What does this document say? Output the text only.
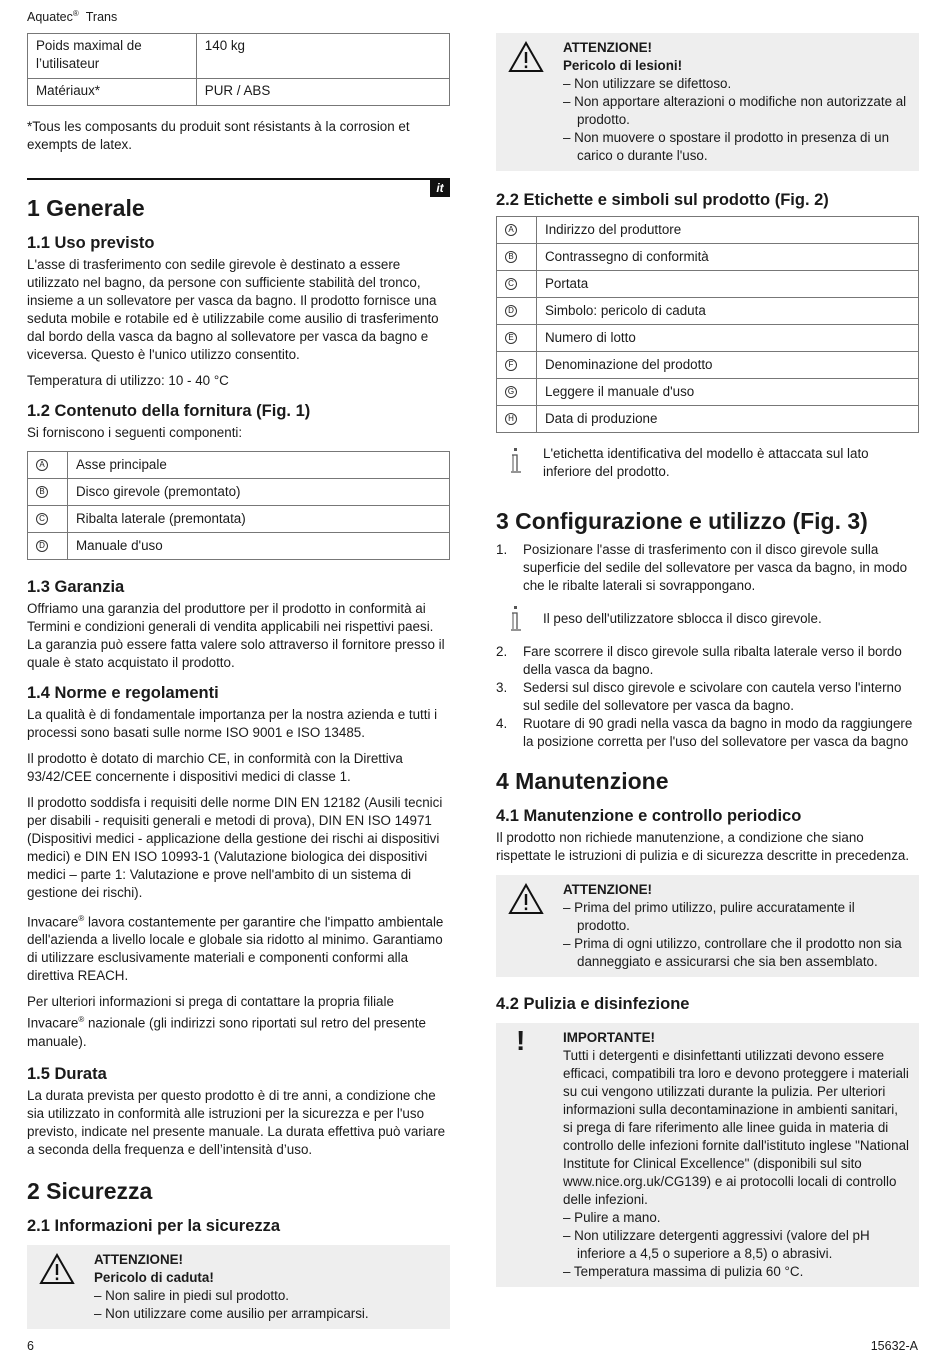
Aquatec® Trans
Poids maximal de l’utilisateur	140 kg
Matériaux*	PUR / ABS

*Tous les composants du produit sont résistants à la corrosion et exempts de latex.

it
1 Generale
1.1 Uso previsto

L'asse di trasferimento con sedile girevole è destinato a essere utilizzato nel bagno, da persone con sufficiente stabilità del tronco, insieme a un sollevatore per vasca da bagno. Il prodotto fornisce una seduta mobile e rotabile ed è utilizzabile come ausilio di trasferimento dal bordo della vasca da bagno al sollevatore per vasca da bagno e viceversa. Questo è l'unico utilizzo consentito.

Temperatura di utilizzo: 10 - 40 °C

1.2 Contenuto della fornitura (Fig. 1)

Si forniscono i seguenti componenti:

A	Asse principale
B	Disco girevole (premontato)
C	Ribalta laterale (premontata)
D	Manuale d'uso
1.3 Garanzia

Offriamo una garanzia del produttore per il prodotto in conformità ai Termini e condizioni generali di vendita applicabili nei rispettivi paesi. La garanzia può essere fatta valere solo attraverso il fornitore presso il quale è stato acquistato il prodotto.

1.4 Norme e regolamenti

La qualità è di fondamentale importanza per la nostra azienda e tutti i processi sono basati sulle norme ISO 9001 e ISO 13485.

Il prodotto è dotato di marchio CE, in conformità con la Direttiva 93/42/CEE concernente i dispositivi medici di classe 1.

Il prodotto soddisfa i requisiti delle norme DIN EN 12182 (Ausili tecnici per disabili - requisiti generali e metodi di prova), DIN EN ISO 14971 (Dispositivi medici - applicazione della gestione dei rischi ai dispositivi medici) e DIN EN ISO 10993-1 (Valutazione biologica dei dispositivi medici – parte 1: Valutazione e prove nell'ambito di un sistema di gestione dei rischi).

Invacare® lavora costantemente per garantire che l'impatto ambientale dell'azienda a livello locale e globale sia ridotto al minimo. Garantiamo di utilizzare esclusivamente materiali e componenti conformi alla direttiva REACH.

Per ulteriori informazioni si prega di contattare la propria filiale Invacare® nazionale (gli indirizzi sono riportati sul retro del presente manuale).

1.5 Durata

La durata prevista per questo prodotto è di tre anni, a condizione che sia utilizzato in conformità alle istruzioni per la sicurezza e per l'uso previsto, indicate nel presente manuale. La durata effettiva può variare a seconda della frequenza e dell’intensità d’uso.

2 Sicurezza
2.1 Informazioni per la sicurezza
ATTENZIONE!
Pericolo di caduta!
– Non salire in piedi sul prodotto.
– Non utilizzare come ausilio per arrampicarsi.
ATTENZIONE!
Pericolo di lesioni!
– Non utilizzare se difettoso.
– Non apportare alterazioni o modifiche non autorizzate al prodotto.
– Non muovere o spostare il prodotto in presenza di un carico o durante l'uso.
2.2 Etichette e simboli sul prodotto (Fig. 2)
A	Indirizzo del produttore
B	Contrassegno di conformità
C	Portata
D	Simbolo: pericolo di caduta
E	Numero di lotto
F	Denominazione del prodotto
G	Leggere il manuale d'uso
H	Data di produzione

L'etichetta identificativa del modello è attaccata sul lato inferiore del prodotto.

3 Configurazione e utilizzo (Fig. 3)
1. Posizionare l'asse di trasferimento con il disco girevole sulla superficie del sedile del sollevatore per vasca da bagno, in modo che le ribalte laterali si sovrappongano.

Il peso dell'utilizzatore sblocca il disco girevole.

2. Fare scorrere il disco girevole sulla ribalta laterale verso il bordo della vasca da bagno.
3. Sedersi sul disco girevole e scivolare con cautela verso l'interno sul sedile del sollevatore per vasca da bagno.
4. Ruotare di 90 gradi nella vasca da bagno in modo da raggiungere la posizione corretta per l'uso del sollevatore per vasca da bagno
4 Manutenzione
4.1 Manutenzione e controllo periodico

Il prodotto non richiede manutenzione, a condizione che siano rispettate le istruzioni di pulizia e di sicurezza descritte in precedenza.

ATTENZIONE!
– Prima del primo utilizzo, pulire accuratamente il prodotto.
– Prima di ogni utilizzo, controllare che il prodotto non sia danneggiato e assicurarsi che sia ben assemblato.
4.2 Pulizia e disinfezione
!	IMPORTANTE!

Tutti i detergenti e disinfettanti utilizzati devono essere efficaci, compatibili tra loro e devono proteggere i materiali su cui vengono utilizzati durante la pulizia. Per ulteriori informazioni sulla decontaminazione in ambienti sanitari, si prega di fare riferimento alle linee guida in materia di controllo delle infezioni fornite dall'istituto inglese "National Institute for Clinical Excellence" (disponibili sul sito www.nice.org.uk/CG139) e ai protocolli locali di controllo delle infezioni.

– Pulire a mano.
– Non utilizzare detergenti aggressivi (valore del pH inferiore a 4,5 o superiore a 8,5) o abrasivi.
– Temperatura massima di pulizia 60 °C.
6	15632-A
